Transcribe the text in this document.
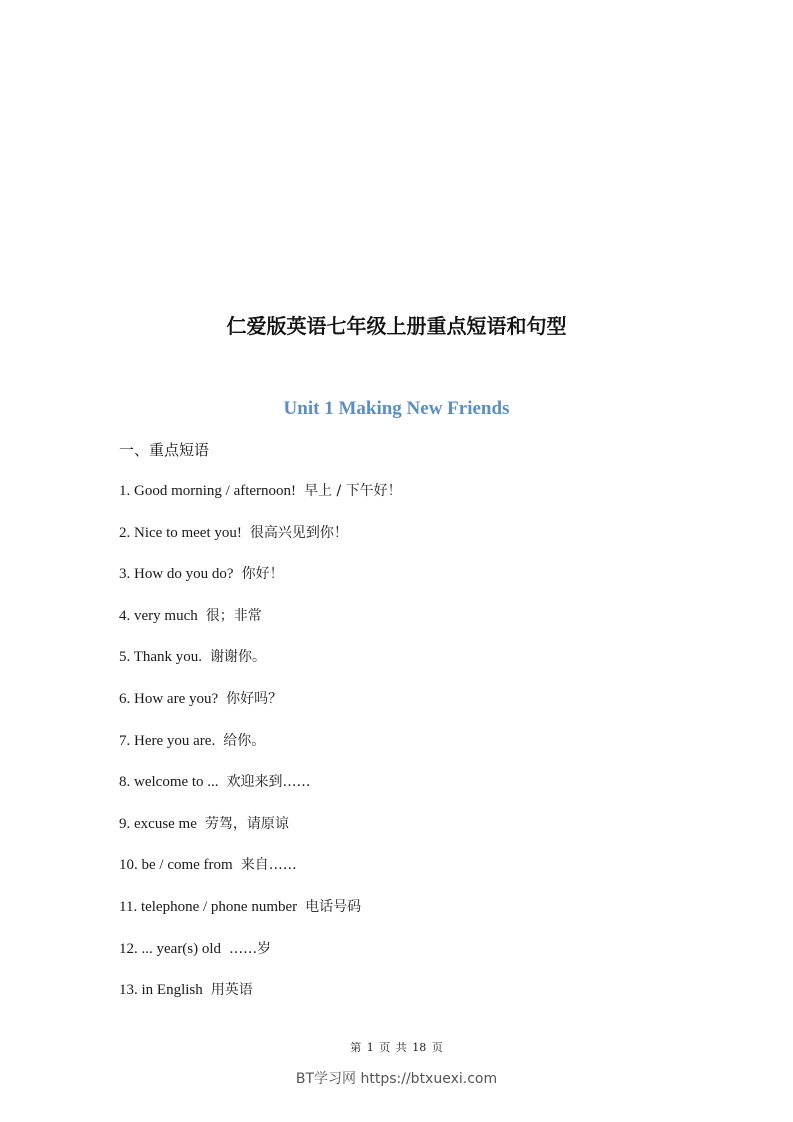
仁爱版英语七年级上册重点短语和句型
Unit 1 Making New Friends
一、重点短语
1. Good morning / afternoon! 早上 / 下午好！
2. Nice to meet you! 很高兴见到你！
3. How do you do? 你好！
4. very much 很；非常
5. Thank you. 谢谢你。
6. How are you? 你好吗？
7. Here you are. 给你。
8. welcome to ... 欢迎来到……
9. excuse me 劳驾，请原谅
10. be / come from 来自……
11. telephone / phone number 电话号码
12. ... year(s) old ……岁
13. in English 用英语
第 1 页 共 18 页
BT学习网 https://btxuexi.com
